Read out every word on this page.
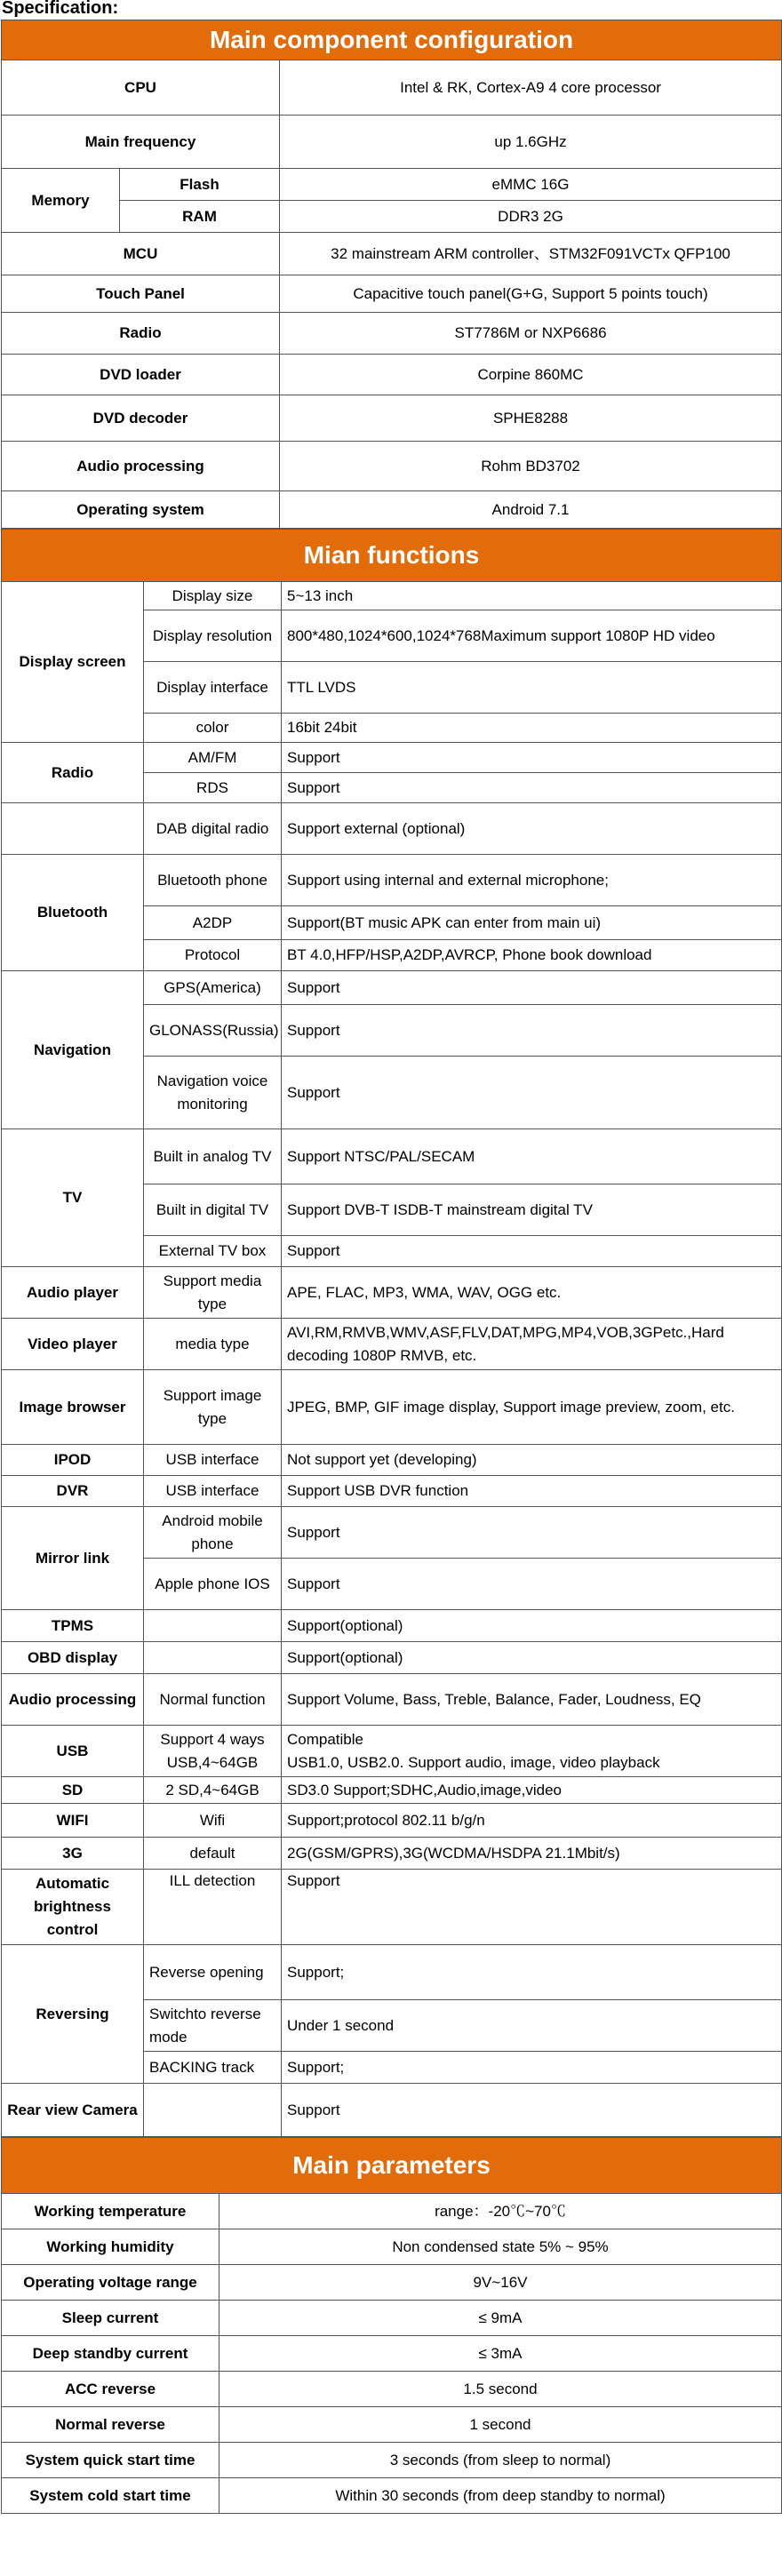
Specification:
Main component configuration		
CPU		Intel & RK, Cortex-A9 4 core processor
Main frequency		up 1.6GHz
Memory	Flash	eMMC 16G
	RAM	DDR3 2G
MCU		32 mainstream ARM controller、STM32F091VCTx QFP100
Touch Panel		Capacitive touch panel(G+G, Support 5 points touch)
Radio		ST7786M or NXP6686
DVD loader		Corpine 860MC
DVD decoder		SPHE8288
Audio processing		Rohm BD3702
Operating system		Android 7.1
Mian functions		
Display screen	Display size	5~13 inch
	Display resolution	800*480,1024*600,1024*768Maximum support 1080P HD video
	Display interface	TTL LVDS
	color	16bit 24bit
Radio	AM/FM	Support
	RDS	Support
	DAB digital radio	Support external (optional)
Bluetooth	Bluetooth phone	Support using internal and external microphone;
	A2DP	Support(BT music APK can enter from main ui)
	Protocol	BT 4.0,HFP/HSP,A2DP,AVRCP, Phone book download
Navigation	GPS(America)	Support
	GLONASS(Russia)	Support
	Navigation voice monitoring	Support
TV	Built in analog TV	Support NTSC/PAL/SECAM
	Built in digital TV	Support DVB-T ISDB-T mainstream digital TV
	External TV box	Support
Audio player	Support media type	APE, FLAC, MP3, WMA, WAV, OGG etc.
Video player	media type	AVI,RM,RMVB,WMV,ASF,FLV,DAT,MPG,MP4,VOB,3GPetc.,Hard decoding 1080P RMVB, etc.
Image browser	Support image type	JPEG, BMP, GIF image display, Support image preview, zoom, etc.
IPOD	USB interface	Not support yet (developing)
DVR	USB interface	Support USB DVR function
Mirror link	Android mobile phone	Support
	Apple phone IOS	Support
TPMS		Support(optional)
OBD display		Support(optional)
Audio processing	Normal function	Support Volume, Bass, Treble, Balance, Fader, Loudness, EQ
USB	Support 4 ways USB,4~64GB	Compatible
USB1.0, USB2.0. Support audio, image, video playback
SD	2 SD,4~64GB	SD3.0 Support;SDHC,Audio,image,video
WIFI	Wifi	Support;protocol 802.11 b/g/n
3G	default	2G(GSM/GPRS),3G(WCDMA/HSDPA 21.1Mbit/s)
Automatic brightness control	ILL detection	Support
Reversing	Reverse opening	Support;
	Switchto reverse mode	Under 1 second
	BACKING track	Support;
Rear view Camera		Support
Main parameters	
Working temperature	range：-20℃~70℃
Working humidity	Non condensed state 5% ~ 95%
Operating voltage range	9V~16V
Sleep current	≤ 9mA
Deep standby current	≤ 3mA
ACC reverse	1.5 second
Normal reverse	1 second
System quick start time	3 seconds (from sleep to normal)
System cold start time	Within 30 seconds (from deep standby to normal)
